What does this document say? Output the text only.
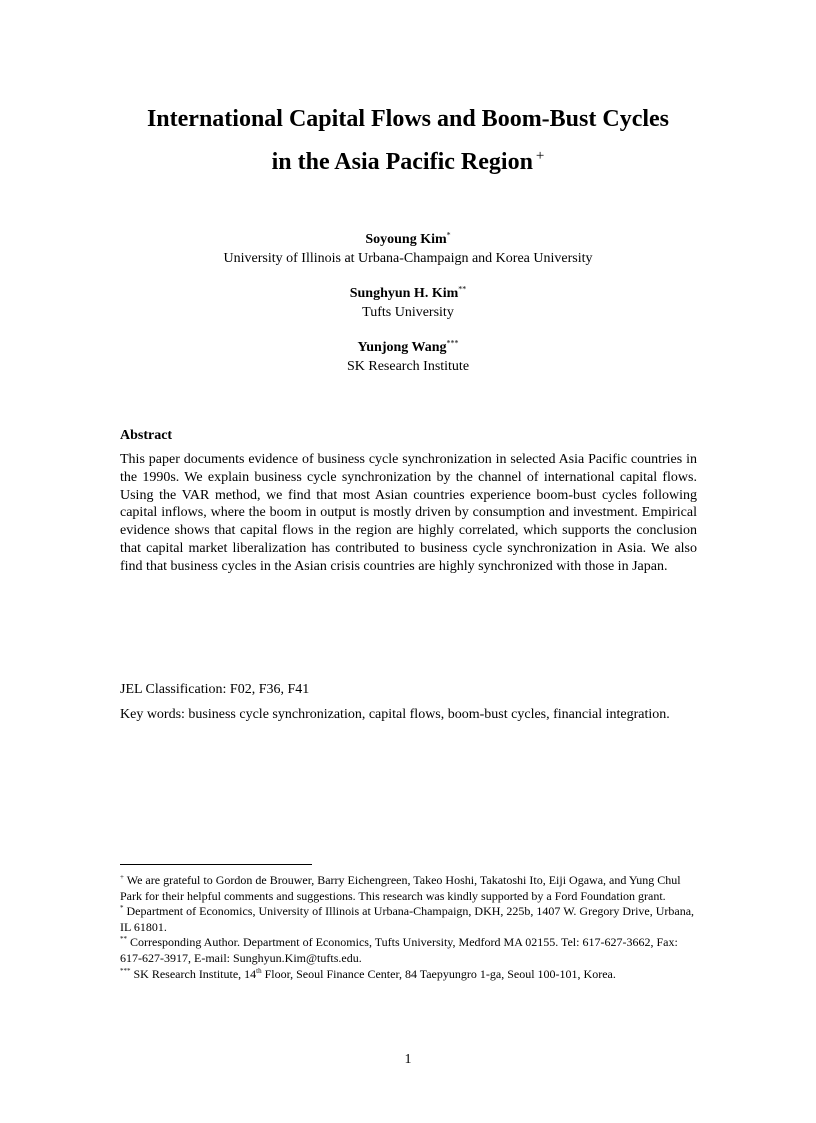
International Capital Flows and Boom-Bust Cycles
in the Asia Pacific Region +
Soyoung Kim*
University of Illinois at Urbana-Champaign and Korea University
Sunghyun H. Kim**
Tufts University
Yunjong Wang***
SK Research Institute
Abstract

This paper documents evidence of business cycle synchronization in selected Asia Pacific countries in the 1990s. We explain business cycle synchronization by the channel of international capital flows. Using the VAR method, we find that most Asian countries experience boom-bust cycles following capital inflows, where the boom in output is mostly driven by consumption and investment. Empirical evidence shows that capital flows in the region are highly correlated, which supports the conclusion that capital market liberalization has contributed to business cycle synchronization in Asia. We also find that business cycles in the Asian crisis countries are highly synchronized with those in Japan.

JEL Classification: F02, F36, F41

Key words: business cycle synchronization, capital flows, boom-bust cycles, financial integration.

+ We are grateful to Gordon de Brouwer, Barry Eichengreen, Takeo Hoshi, Takatoshi Ito, Eiji Ogawa, and Yung Chul Park for their helpful comments and suggestions. This research was kindly supported by a Ford Foundation grant.

* Department of Economics, University of Illinois at Urbana-Champaign, DKH, 225b, 1407 W. Gregory Drive, Urbana, IL 61801.

** Corresponding Author. Department of Economics, Tufts University, Medford MA 02155. Tel: 617-627-3662, Fax: 617-627-3917, E-mail: Sunghyun.Kim@tufts.edu.

*** SK Research Institute, 14th Floor, Seoul Finance Center, 84 Taepyungro 1-ga, Seoul 100-101, Korea.

1
